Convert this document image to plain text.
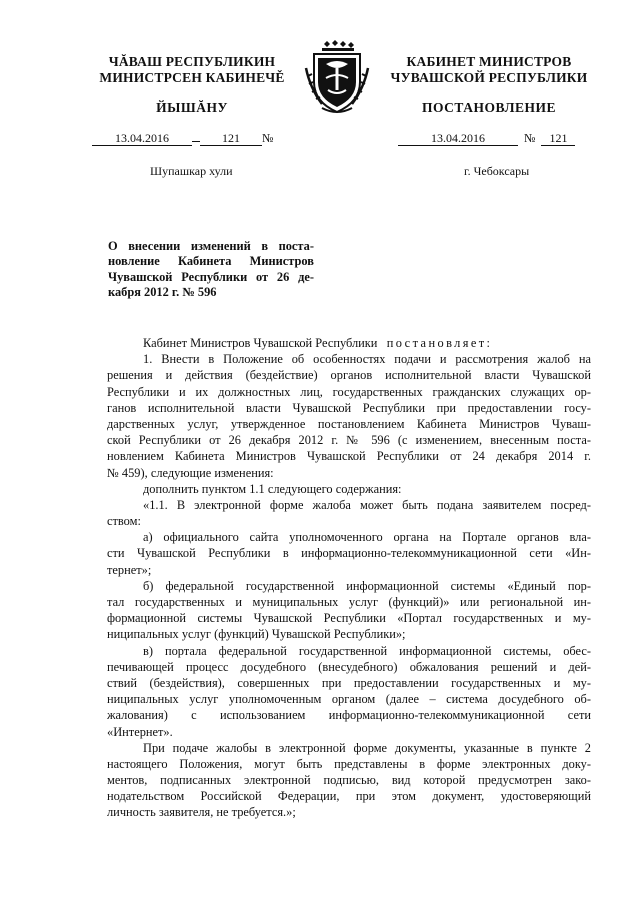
ЧĂВАШ РЕСПУБЛИКИН
МИНИСТРСЕН КАБИНЕЧĚ
ЙЫШĂНУ
КАБИНЕТ МИНИСТРОВ
ЧУВАШСКОЙ РЕСПУБЛИКИ
ПОСТАНОВЛЕНИЕ
13.04.2016	121 №	13.04.2016	№ 121
Шупашкар хули	г. Чебоксары
О внесении изменений в поста-
новление Кабинета Министров
Чувашской Республики от 26 де-
кабря 2012 г. № 596
Кабинет Министров Чувашской Республики постановляет:
1. Внести в Положение об особенностях подачи и рассмотрения жалоб на
решения и действия (бездействие) органов исполнительной власти Чувашской
Республики и их должностных лиц, государственных гражданских служащих ор-
ганов исполнительной власти Чувашской Республики при предоставлении госу-
дарственных услуг, утвержденное постановлением Кабинета Министров Чуваш-
ской Республики от 26 декабря 2012 г. № 596 (с изменением, внесенным поста-
новлением Кабинета Министров Чувашской Республики от 24 декабря 2014 г.
№ 459), следующие изменения:
дополнить пунктом 1.1 следующего содержания:
«1.1. В электронной форме жалоба может быть подана заявителем посред-
ством:
а) официального сайта уполномоченного органа на Портале органов вла-
сти Чувашской Республики в информационно-телекоммуникационной сети «Ин-
тернет»;
б) федеральной государственной информационной системы «Единый пор-
тал государственных и муниципальных услуг (функций)» или региональной ин-
формационной системы Чувашской Республики «Портал государственных и му-
ниципальных услуг (функций) Чувашской Республики»;
в) портала федеральной государственной информационной системы, обес-
печивающей процесс досудебного (внесудебного) обжалования решений и дей-
ствий (бездействия), совершенных при предоставлении государственных и му-
ниципальных услуг уполномоченным органом (далее – система досудебного об-
жалования) с использованием информационно-телекоммуникационной сети
«Интернет».
При подаче жалобы в электронной форме документы, указанные в пункте 2
настоящего Положения, могут быть представлены в форме электронных доку-
ментов, подписанных электронной подписью, вид которой предусмотрен зако-
нодательством Российской Федерации, при этом документ, удостоверяющий
личность заявителя, не требуется.»;
